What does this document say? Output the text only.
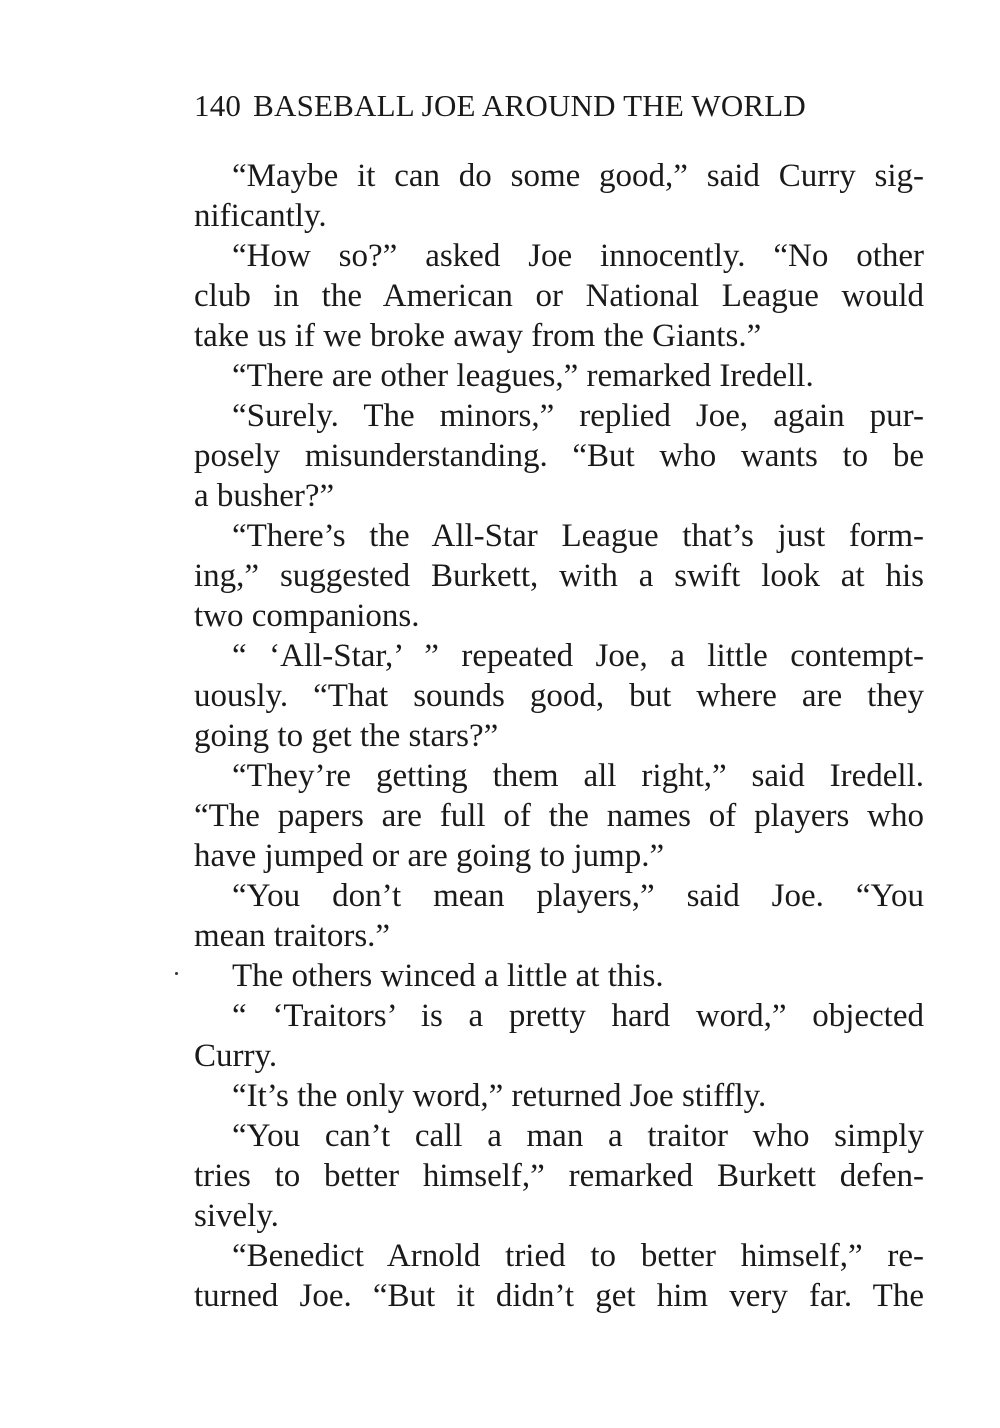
140 BASEBALL JOE AROUND THE WORLD
“Maybe it can do some good,” said Curry sig-
nificantly.
“How so?” asked Joe innocently. “No other
club in the American or National League would
take us if we broke away from the Giants.”
“There are other leagues,” remarked Iredell.
“Surely. The minors,” replied Joe, again pur-
posely misunderstanding. “But who wants to be
a busher?”
“There’s the All-Star League that’s just form-
ing,” suggested Burkett, with a swift look at his
two companions.
“ ‘All-Star,’ ” repeated Joe, a little contempt-
uously. “That sounds good, but where are they
going to get the stars?”
“They’re getting them all right,” said Iredell.
“The papers are full of the names of players who
have jumped or are going to jump.”
“You don’t mean players,” said Joe. “You
mean traitors.”
The others winced a little at this.
“ ‘Traitors’ is a pretty hard word,” objected
Curry.
“It’s the only word,” returned Joe stiffly.
“You can’t call a man a traitor who simply
tries to better himself,” remarked Burkett defen-
sively.
“Benedict Arnold tried to better himself,” re-
turned Joe. “But it didn’t get him very far. The
